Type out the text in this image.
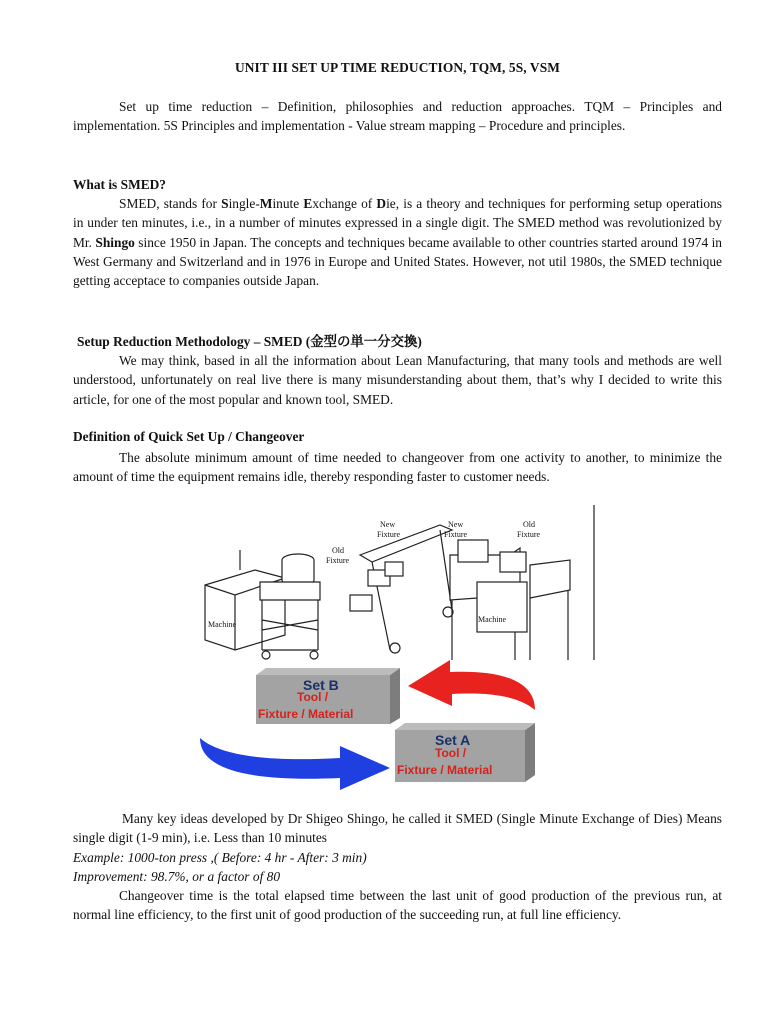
UNIT III SET UP TIME REDUCTION, TQM, 5S, VSM

Set up time reduction – Definition, philosophies and reduction approaches. TQM – Principles and implementation. 5S Principles and implementation - Value stream mapping – Procedure and principles.

What is SMED?

SMED, stands for Single-Minute Exchange of Die, is a theory and techniques for performing setup operations in under ten minutes, i.e., in a number of minutes expressed in a single digit. The SMED method was revolutionized by Mr. Shingo since 1950 in Japan. The concepts and techniques became available to other countries started around 1974 in West Germany and Switzerland and in 1976 in Europe and United States. However, not util 1980s, the SMED technique getting acceptace to companies outside Japan.

Setup Reduction Methodology – SMED (金型の単一分交換)

We may think, based in all the information about Lean Manufacturing, that many tools and methods are well understood, unfortunately on real live there is many misunderstanding about them, that’s why I decided to write this article, for one of the most popular and known tool, SMED.

Definition of Quick Set Up / Changeover

The absolute minimum amount of time needed to changeover from one activity to another, to minimize the amount of time the equipment remains idle, thereby responding faster to customer needs.

Many key ideas developed by Dr Shigeo Shingo, he called it SMED (Single Minute Exchange of Dies) Means single digit (1-9 min), i.e. Less than 10 minutes

Example: 1000-ton press ,( Before: 4 hr - After: 3 min)

Improvement: 98.7%, or a factor of 80

Changeover time is the total elapsed time between the last unit of good production of the previous run, at normal line efficiency, to the first unit of good production of the succeeding run, at full line efficiency.

New
Fixture
New
Fixture
Old
Fixture
Old
Fixture
Machine
Machine
Set B
Tool /
Fixture / Material
Set A
Tool /
Fixture / Material
